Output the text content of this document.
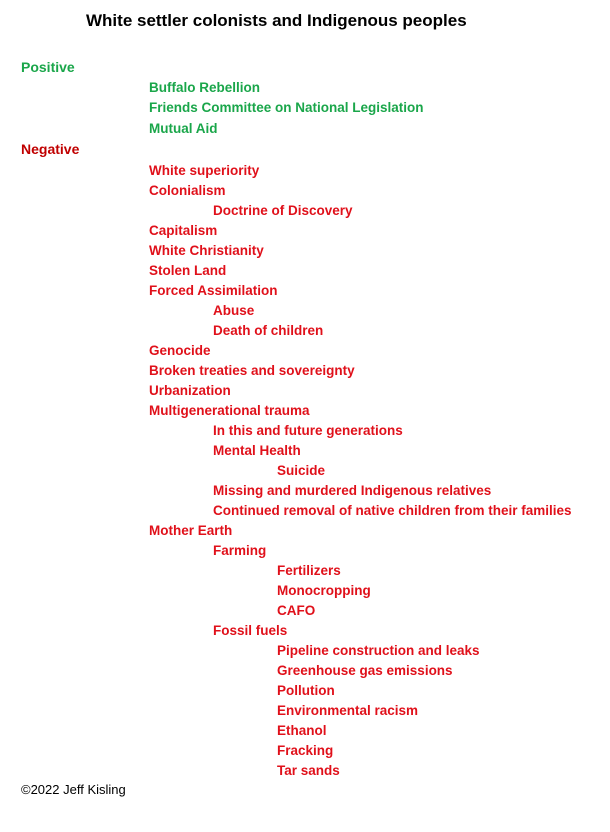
White settler colonists and Indigenous peoples
Positive
Buffalo Rebellion
Friends Committee on National Legislation
Mutual Aid
Negative
White superiority
Colonialism
Doctrine of Discovery
Capitalism
White Christianity
Stolen Land
Forced Assimilation
Abuse
Death of children
Genocide
Broken treaties and sovereignty
Urbanization
Multigenerational trauma
In this and future generations
Mental Health
Suicide
Missing and murdered Indigenous relatives
Continued removal of native children from their families
Mother Earth
Farming
Fertilizers
Monocropping
CAFO
Fossil fuels
Pipeline construction and leaks
Greenhouse gas emissions
Pollution
Environmental racism
Ethanol
Fracking
Tar sands
©2022 Jeff Kisling
